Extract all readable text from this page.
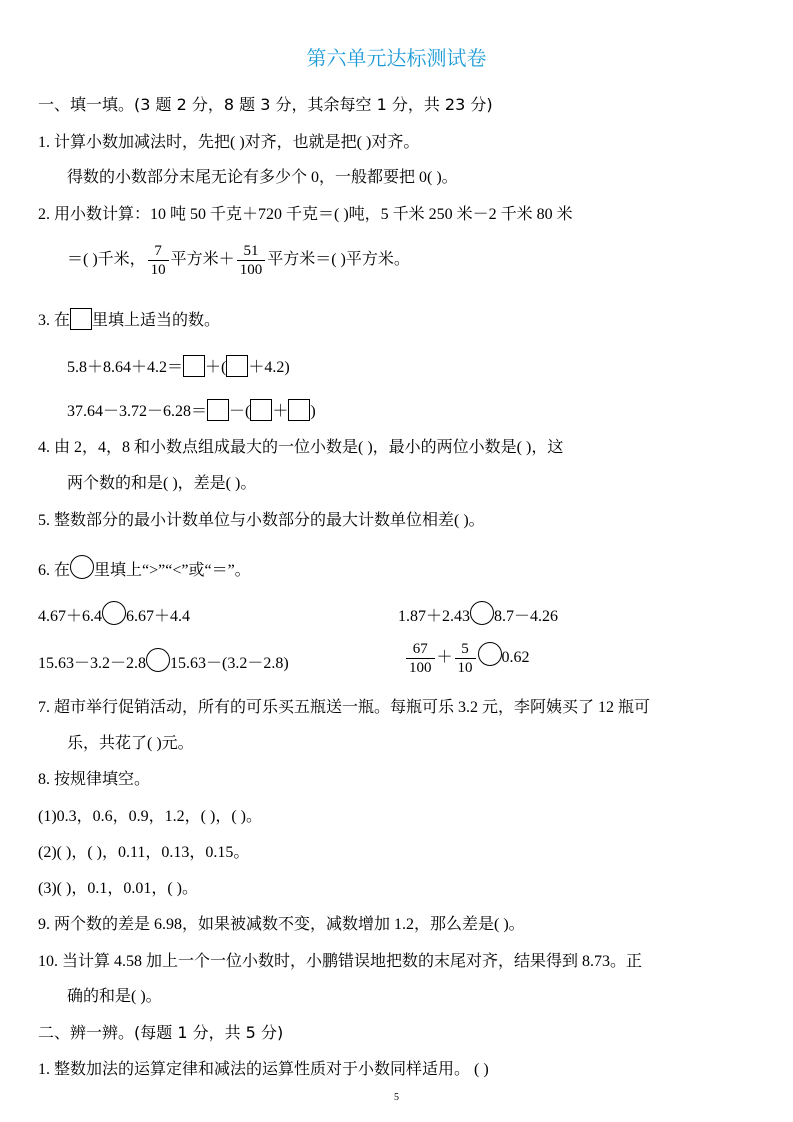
第六单元达标测试卷
一、填一填。(3 题 2 分，8 题 3 分，其余每空 1 分，共 23 分)
1. 计算小数加减法时，先把( )对齐，也就是把( )对齐。
得数的小数部分末尾无论有多少个 0，一般都要把 0( )。
2. 用小数计算：10 吨 50 千克＋720 千克＝( )吨，5 千米 250 米－2 千米 80 米
＝( )千米， $\frac{7}{10}$ 平方米＋ $\frac{51}{100}$ 平方米＝( )平方米。
3. 在 里填上适当的数。
5.8＋8.64＋4.2＝ ＋( ＋4.2)
37.64－3.72－6.28＝ －( ＋ )
4. 由 2，4，8 和小数点组成最大的一位小数是( )，最小的两位小数是( )，这
两个数的和是( )，差是( )。
5. 整数部分的最小计数单位与小数部分的最大计数单位相差( )。
6. 在 里填上“>”“<”或“＝”。
4.67＋6.4 6.67＋4.4	1.87＋2.43 8.7－4.26
15.63－3.2－2.8 15.63－(3.2－2.8)	$\frac{67}{100} + \frac{5}{10} 0.62$
7. 超市举行促销活动，所有的可乐买五瓶送一瓶。每瓶可乐 3.2 元，李阿姨买了 12 瓶可
乐，共花了( )元。
8. 按规律填空。
(1)0.3，0.6，0.9，1.2，( )，( )。
(2)( )，( )，0.11，0.13，0.15。
(3)( )，0.1，0.01，( )。
9. 两个数的差是 6.98，如果被减数不变，减数增加 1.2，那么差是( )。
10. 当计算 4.58 加上一个一位小数时，小鹏错误地把数的末尾对齐，结果得到 8.73。正
确的和是( )。
二、辨一辨。(每题 1 分，共 5 分)
1. 整数加法的运算定律和减法的运算性质对于小数同样适用。 ( )
5
